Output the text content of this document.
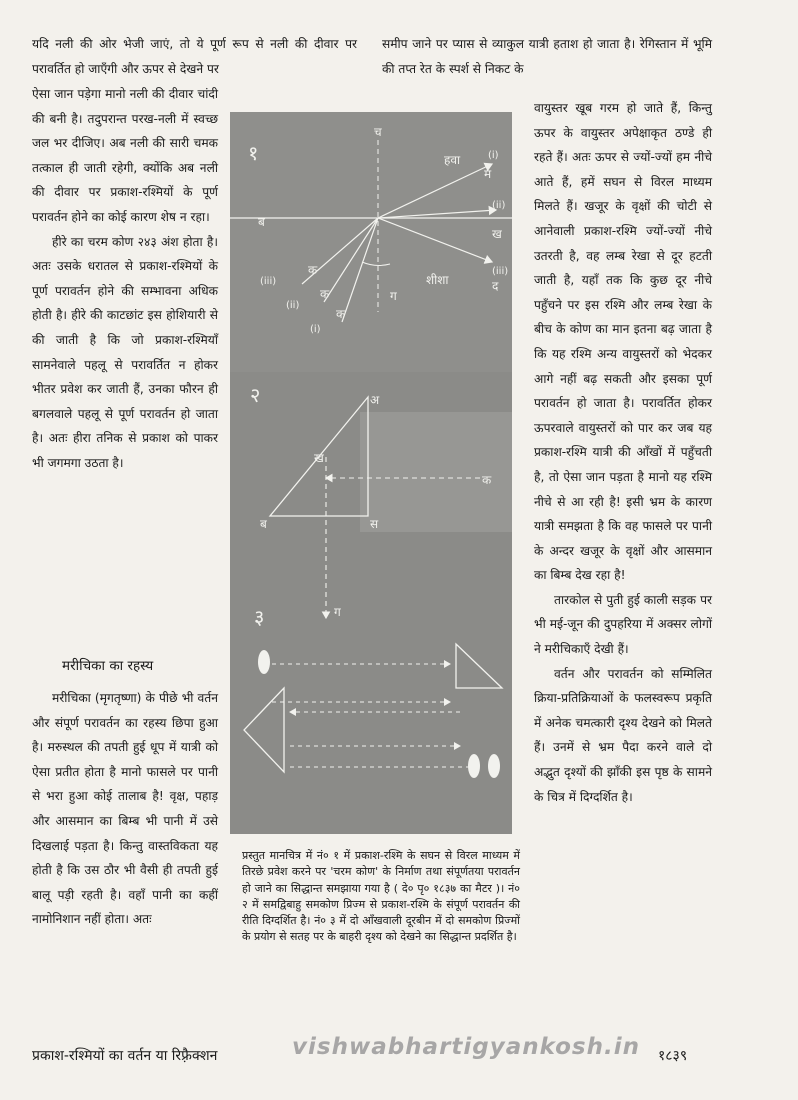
यदि नली की ओर भेजी जाएं, तो ये पूर्ण रूप से नली की दीवार पर परावर्तित हो जाएँगी और ऊपर से देखने पर
समीप जाने पर प्यास से व्याकुल यात्री हताश हो जाता है। रेगिस्तान में भूमि की तप्त रेत के स्पर्श से निकट के

ऐसा जान पड़ेगा मानो नली की दीवार चांदी की बनी है। तदुपरान्त परख-नली में स्वच्छ जल भर दीजिए। अब नली की सारी चमक तत्काल ही जाती रहेगी, क्योंकि अब नली की दीवार पर प्रकाश-रश्मियों के पूर्ण परावर्तन होने का कोई कारण शेष न रहा।

हीरे का चरम कोण २४३ अंश होता है। अतः उसके धरातल से प्रकाश-रश्मियों के पूर्ण परावर्तन होने की सम्भावना अधिक होती है। हीरे की काटछांट इस होशियारी से की जाती है कि जो प्रकाश-रश्मियाँ सामनेवाले पहलू से परावर्तित न होकर भीतर प्रवेश कर जाती हैं, उनका फौरन ही बगलवाले पहलू से पूर्ण परावर्तन हो जाता है। अतः हीरा तनिक से प्रकाश को पाकर भी जगमगा उठता है।

मरीचिका का रहस्य
मरीचिका (मृगतृष्णा) के पीछे भी वर्तन और संपूर्ण परावर्तन का रहस्य छिपा हुआ है। मरुस्थल की तपती हुई धूप में यात्री को ऐसा प्रतीत होता है मानो फासले पर पानी से भरा हुआ कोई तालाब है! वृक्ष, पहाड़ और आसमान का बिम्ब भी पानी में उसे दिखलाई पड़ता है। किन्तु वास्तविकता यह होती है कि उस ठौर भी वैसी ही तपती हुई बालू पड़ी रहती है। वहाँ पानी का कहीं नामोनिशान नहीं होता। अतः

वायुस्तर खूब गरम हो जाते हैं, किन्तु ऊपर के वायुस्तर अपेक्षाकृत ठण्डे ही रहते हैं। अतः ऊपर से ज्यों-ज्यों हम नीचे आते हैं, हमें सघन से विरल माध्यम मिलते हैं। खजूर के वृक्षों की चोटी से आनेवाली प्रकाश-रश्मि ज्यों-ज्यों नीचे उतरती है, वह लम्ब रेखा से दूर हटती जाती है, यहाँ तक कि कुछ दूर नीचे पहुँचने पर इस रश्मि और लम्ब रेखा के बीच के कोण का मान इतना बढ़ जाता है कि यह रश्मि अन्य वायुस्तरों को भेदकर आगे नहीं बढ़ सकती और इसका पूर्ण परावर्तन हो जाता है। परावर्तित होकर ऊपरवाले वायुस्तरों को पार कर जब यह प्रकाश-रश्मि यात्री की आँखों में पहुँचती है, तो ऐसा जान पड़ता है मानो यह रश्मि नीचे से आ रही है! इसी भ्रम के कारण यात्री समझता है कि वह फासले पर पानी के अन्दर खजूर के वृक्षों और आसमान का बिम्ब देख रहा है!

तारकोल से पुती हुई काली सड़क पर भी मई-जून की दुपहरिया में अक्सर लोगों ने मरीचिकाएँ देखी हैं।

वर्तन और परावर्तन को सम्मिलित क्रिया-प्रतिक्रियाओं के फलस्वरूप प्रकृति में अनेक चमत्कारी दृश्य देखने को मिलते हैं। उनमें से भ्रम पैदा करने वाले दो अद्भुत दृश्यों की झाँकी इस पृष्ठ के सामने के चित्र में दिग्दर्शित है।

१
च
हवा	(i)
म
(ii)
ख
ब
(iii)
द
(iii)
क
(ii)
क
(i)
क
शीशा
ग
२	अ
ख
क
ब	स
ग
३
प्रस्तुत मानचित्र में नं० १ में प्रकाश-रश्मि के सघन से विरल माध्यम में तिरछे प्रवेश करने पर 'चरम कोण' के निर्माण तथा संपूर्णतया परावर्तन हो जाने का सिद्धान्त समझाया गया है ( दे० पृ० १८३७ का मैटर )। नं० २ में समद्विबाहु समकोण प्रिज्म से प्रकाश-रश्मि के संपूर्ण परावर्तन की रीति दिग्दर्शित है। नं० ३ में दो आँखवाली दूरबीन में दो समकोण प्रिज्मों के प्रयोग से सतह पर के बाहरी दृश्य को देखने का सिद्धान्त प्रदर्शित है।
प्रकाश-रश्मियों का वर्तन या रिफ़्रैक्शन	१८३९
vishwabhartigyankosh.in
